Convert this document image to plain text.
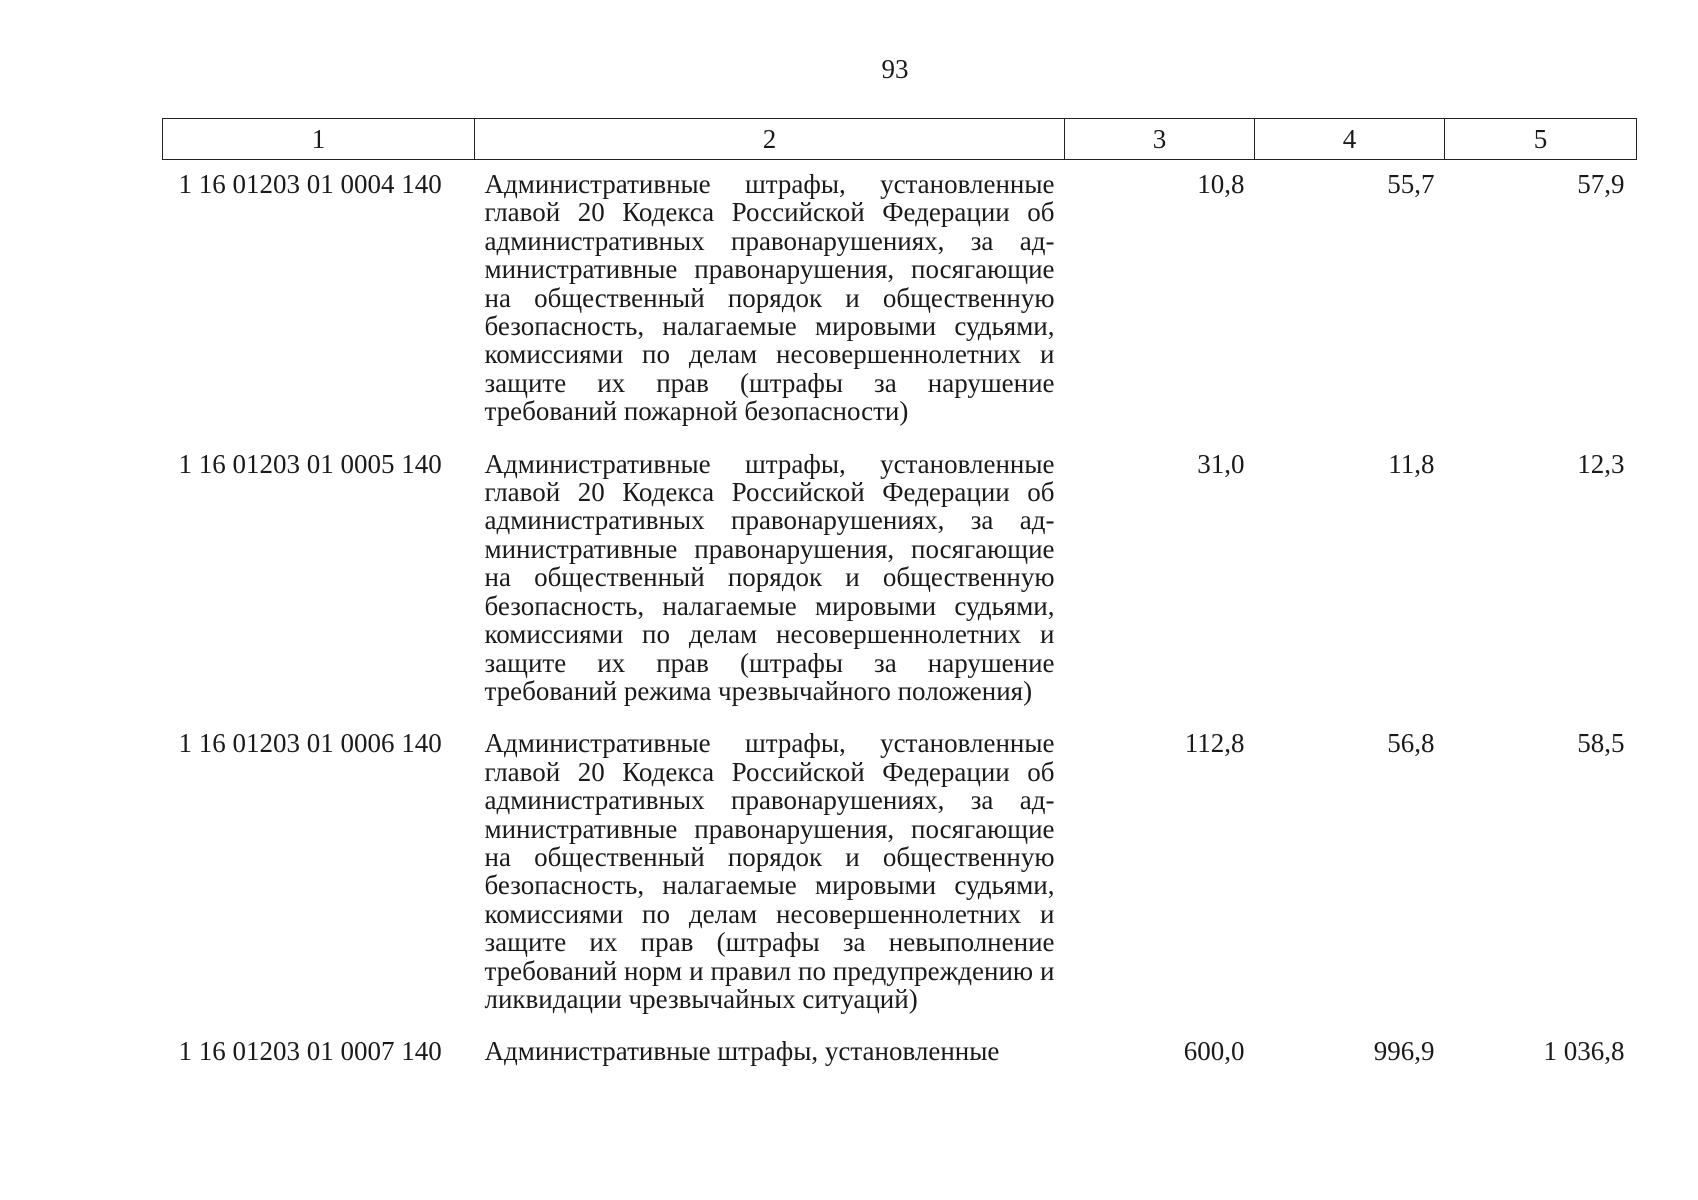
93
1	2	3	4	5
1 16 01203 01 0004 140	Административные штрафы, установленные главой 20 Кодекса Российской Федерации об административных правонарушениях, за административные правонарушения, посягающие на общественный порядок и общественную безопасность, налагаемые мировыми судьями, комиссиями по делам несовершеннолетних и защите их прав (штрафы за нарушение требований пожарной безопасности)	10,8	55,7	57,9
1 16 01203 01 0005 140	Административные штрафы, установленные главой 20 Кодекса Российской Федерации об административных правонарушениях, за административные правонарушения, посягающие на общественный порядок и общественную безопасность, налагаемые мировыми судьями, комиссиями по делам несовершеннолетних и защите их прав (штрафы за нарушение требований режима чрезвычайного положения)	31,0	11,8	12,3
1 16 01203 01 0006 140	Административные штрафы, установленные главой 20 Кодекса Российской Федерации об административных правонарушениях, за административные правонарушения, посягающие на общественный порядок и общественную безопасность, налагаемые мировыми судьями, комиссиями по делам несовершеннолетних и защите их прав (штрафы за невыполнение требований норм и правил по предупреждению и ликвидации чрезвычайных ситуаций)	112,8	56,8	58,5
1 16 01203 01 0007 140	Административные штрафы, установленные	600,0	996,9	1 036,8
